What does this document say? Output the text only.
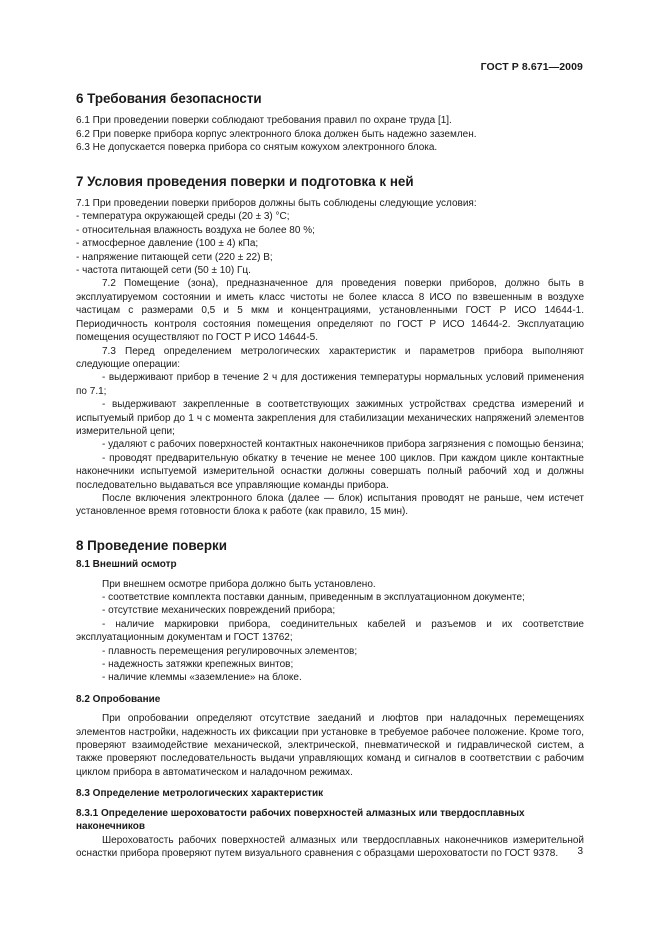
ГОСТ Р 8.671—2009
6 Требования безопасности

6.1 При проведении поверки соблюдают требования правил по охране труда [1].

6.2 При поверке прибора корпус электронного блока должен быть надежно заземлен.

6.3 Не допускается поверка прибора со снятым кожухом электронного блока.

7 Условия проведения поверки и подготовка к ней

7.1 При проведении поверки приборов должны быть соблюдены следующие условия:

- температура окружающей среды (20 ± 3) °C;

- относительная влажность воздуха не более 80 %;

- атмосферное давление (100 ± 4) кПа;

- напряжение питающей сети (220 ± 22) В;

- частота питающей сети (50 ± 10) Гц.

7.2 Помещение (зона), предназначенное для проведения поверки приборов, должно быть в эксплуатируемом состоянии и иметь класс чистоты не более класса 8 ИСО по взвешенным в воздухе частицам с размерами 0,5 и 5 мкм и концентрациями, установленными ГОСТ Р ИСО 14644-1. Периодичность контроля состояния помещения определяют по ГОСТ Р ИСО 14644-2. Эксплуатацию помещения осуществляют по ГОСТ Р ИСО 14644-5.

7.3 Перед определением метрологических характеристик и параметров прибора выполняют следующие операции:

- выдерживают прибор в течение 2 ч для достижения температуры нормальных условий применения по 7.1;

- выдерживают закрепленные в соответствующих зажимных устройствах средства измерений и испытуемый прибор до 1 ч с момента закрепления для стабилизации механических напряжений элементов измерительной цепи;

- удаляют с рабочих поверхностей контактных наконечников прибора загрязнения с помощью бензина;

- проводят предварительную обкатку в течение не менее 100 циклов. При каждом цикле контактные наконечники испытуемой измерительной оснастки должны совершать полный рабочий ход и должны последовательно выдаваться все управляющие команды прибора.

После включения электронного блока (далее — блок) испытания проводят не раньше, чем истечет установленное время готовности блока к работе (как правило, 15 мин).

8 Проведение поверки
8.1 Внешний осмотр

При внешнем осмотре прибора должно быть установлено.

- соответствие комплекта поставки данным, приведенным в эксплуатационном документе;

- отсутствие механических повреждений прибора;

- наличие маркировки прибора, соединительных кабелей и разъемов и их соответствие эксплуатационным документам и ГОСТ 13762;

- плавность перемещения регулировочных элементов;

- надежность затяжки крепежных винтов;

- наличие клеммы «заземление» на блоке.

8.2 Опробование

При опробовании определяют отсутствие заеданий и люфтов при наладочных перемещениях элементов настройки, надежность их фиксации при установке в требуемое рабочее положение. Кроме того, проверяют взаимодействие механической, электрической, пневматической и гидравлической систем, а также проверяют последовательность выдачи управляющих команд и сигналов в соответствии с рабочим циклом прибора в автоматическом и наладочном режимах.

8.3 Определение метрологических характеристик
8.3.1 Определение шероховатости рабочих поверхностей алмазных или твердосплавных наконечников

Шероховатость рабочих поверхностей алмазных или твердосплавных наконечников измерительной оснастки прибора проверяют путем визуального сравнения с образцами шероховатости по ГОСТ 9378.	3
